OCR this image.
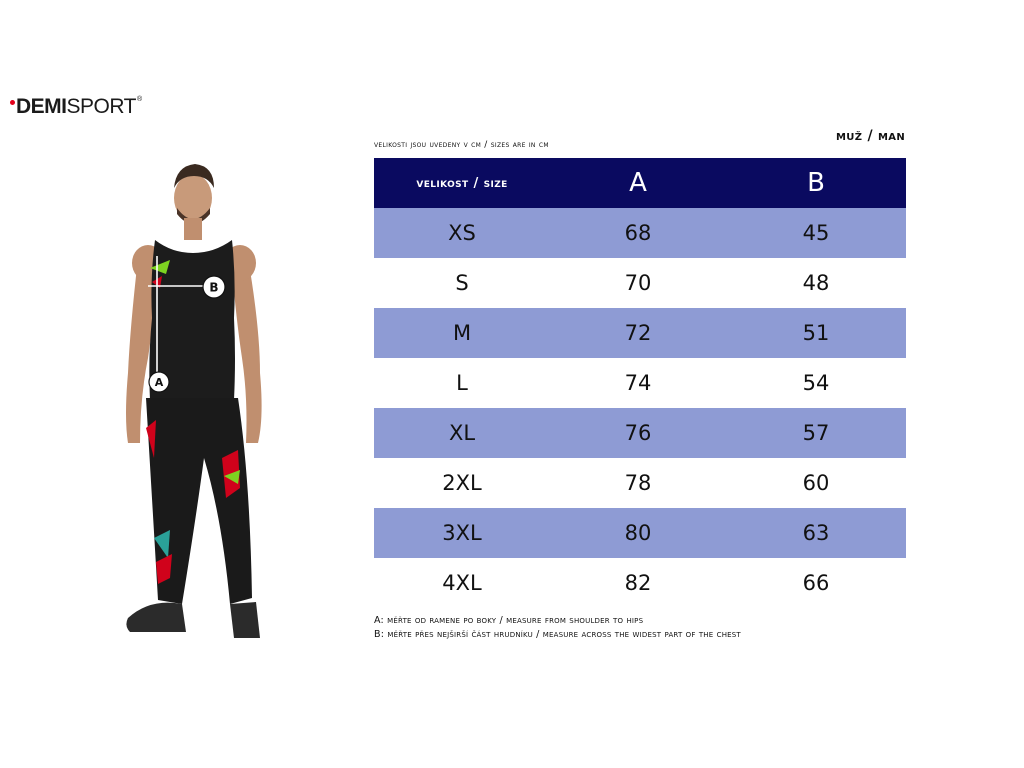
DEMI SPORT ®
B
A
velikosti jsou uvedeny v cm / sizes are in cm
muž / man
velikost / size	A	B
XS	68	45
S	70	48
M	72	51
L	74	54
XL	76	57
2XL	78	60
3XL	80	63
4XL	82	66
A: měřte od ramene po boky / measure from shoulder to hips
B: měřte přes nejširší část hrudníku / measure across the widest part of the chest
